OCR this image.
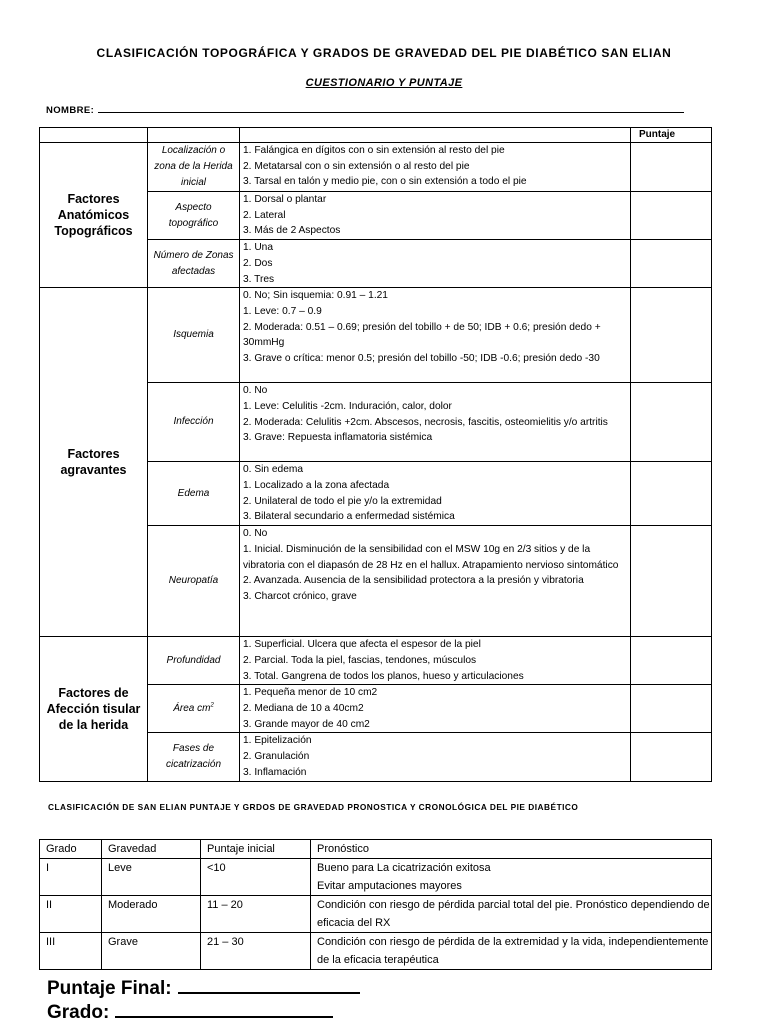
CLASIFICACIÓN TOPOGRÁFICA Y GRADOS DE GRAVEDAD DEL PIE DIABÉTICO SAN ELIAN
CUESTIONARIO Y PUNTAJE
NOMBRE:
			Puntaje
Factores Anatómicos Topográficos	Localización o zona de la Herida inicial	1. Falángica en dígitos con o sin extensión al resto del pie
2. Metatarsal con o sin extensión o al resto del pie
3. Tarsal en talón y medio pie, con o sin extensión a todo el pie	

	Aspecto topográfico	1. Dorsal o plantar
2. Lateral
3. Más de 2 Aspectos	

	Número de Zonas afectadas	1. Una
2. Dos
3. Tres	

Factores agravantes	Isquemia	0. No; Sin isquemia: 0.91 – 1.21
1. Leve: 0.7 – 0.9
2. Moderada: 0.51 – 0.69; presión del tobillo + de 50; IDB + 0.6; presión dedo + 30mmHg
3. Grave o crítica: menor 0.5; presión del tobillo -50; IDB -0.6; presión dedo -30	

	Infección	0. No
1. Leve: Celulitis -2cm. Induración, calor, dolor
2. Moderada: Celulitis +2cm. Abscesos, necrosis, fascitis, osteomielitis y/o artritis
3. Grave: Repuesta inflamatoria sistémica	

	Edema	0. Sin edema
1. Localizado a la zona afectada
2. Unilateral de todo el pie y/o la extremidad
3. Bilateral secundario a enfermedad sistémica	

	Neuropatía	0. No
1. Inicial. Disminución de la sensibilidad con el MSW 10g en 2/3 sitios y de la vibratoria con el diapasón de 28 Hz en el hallux. Atrapamiento nervioso sintomático
2. Avanzada. Ausencia de la sensibilidad protectora a la presión y vibratoria
3. Charcot crónico, grave	

Factores de Afección tisular de la herida	Profundidad	1. Superficial. Ulcera que afecta el espesor de la piel
2. Parcial. Toda la piel, fascias, tendones, músculos
3. Total. Gangrena de todos los planos, hueso y articulaciones	

	Área $cm^2$	1. Pequeña menor de 10 cm2
2. Mediana de 10 a 40cm2
3. Grande mayor de 40 cm2	

	Fases de cicatrización	1. Epitelización
2. Granulación
3. Inflamación	

CLASIFICACIÓN DE SAN ELIAN PUNTAJE Y GRDOS DE GRAVEDAD PRONOSTICA Y CRONOLÓGICA DEL PIE DIABÉTICO
Grado	Gravedad	Puntaje inicial	Pronóstico
I	Leve	<10	Bueno para La cicatrización exitosa
Evitar amputaciones mayores
II	Moderado	11 – 20	Condición con riesgo de pérdida parcial total del pie. Pronóstico dependiendo de eficacia del RX
III	Grave	21 – 30	Condición con riesgo de pérdida de la extremidad y la vida, independientemente de la eficacia terapéutica
Puntaje Final:
Grado:
